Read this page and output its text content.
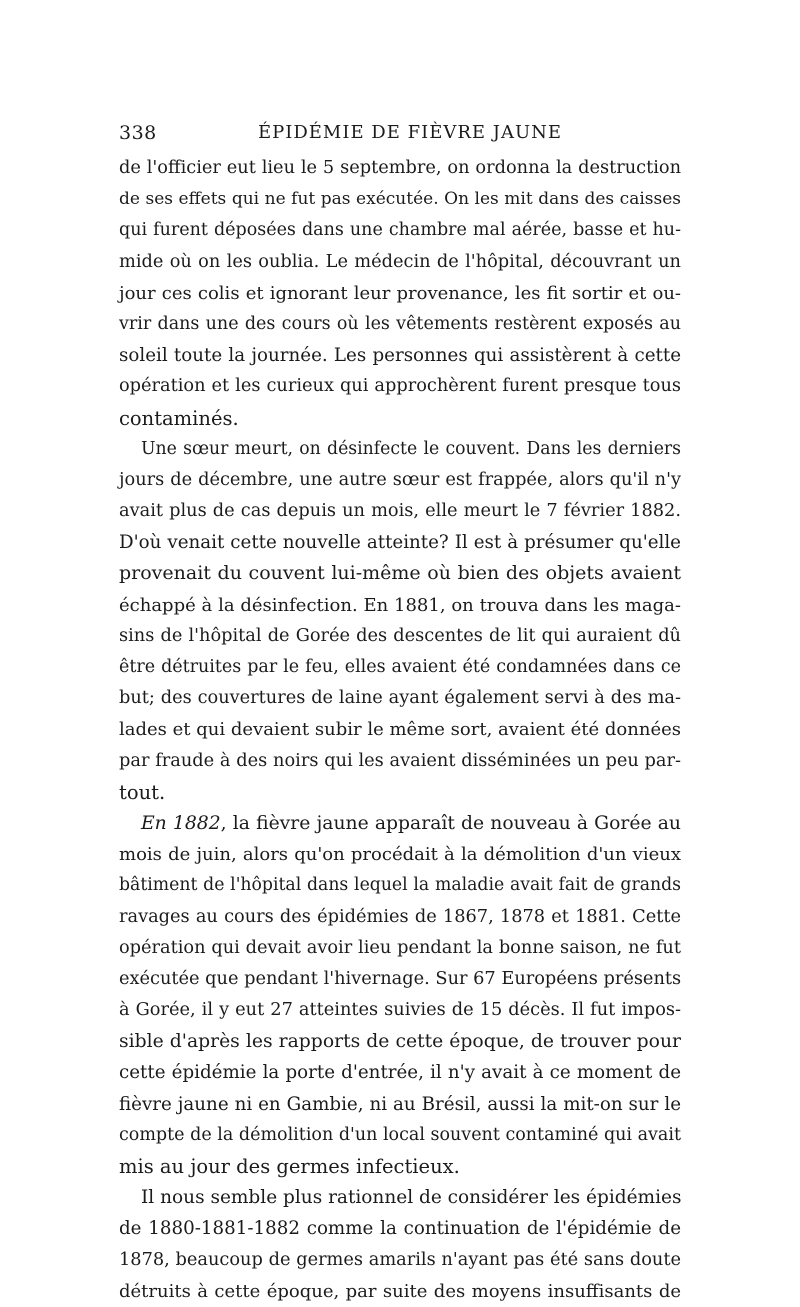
338	ÉPIDÉMIE DE FIÈVRE JAUNE
de l'officier eut lieu le 5 septembre, on ordonna la destruction
de ses effets qui ne fut pas exécutée. On les mit dans des caisses
qui furent déposées dans une chambre mal aérée, basse et hu-
mide où on les oublia. Le médecin de l'hôpital, découvrant un
jour ces colis et ignorant leur provenance, les fit sortir et ou-
vrir dans une des cours où les vêtements restèrent exposés au
soleil toute la journée. Les personnes qui assistèrent à cette
opération et les curieux qui approchèrent furent presque tous
contaminés.
Une sœur meurt, on désinfecte le couvent. Dans les derniers
jours de décembre, une autre sœur est frappée, alors qu'il n'y
avait plus de cas depuis un mois, elle meurt le 7 février 1882.
D'où venait cette nouvelle atteinte? Il est à présumer qu'elle
provenait du couvent lui-même où bien des objets avaient
échappé à la désinfection. En 1881, on trouva dans les maga-
sins de l'hôpital de Gorée des descentes de lit qui auraient dû
être détruites par le feu, elles avaient été condamnées dans ce
but; des couvertures de laine ayant également servi à des ma-
lades et qui devaient subir le même sort, avaient été données
par fraude à des noirs qui les avaient disséminées un peu par-
tout.
En 1882, la fièvre jaune apparaît de nouveau à Gorée au
mois de juin, alors qu'on procédait à la démolition d'un vieux
bâtiment de l'hôpital dans lequel la maladie avait fait de grands
ravages au cours des épidémies de 1867, 1878 et 1881. Cette
opération qui devait avoir lieu pendant la bonne saison, ne fut
exécutée que pendant l'hivernage. Sur 67 Européens présents
à Gorée, il y eut 27 atteintes suivies de 15 décès. Il fut impos-
sible d'après les rapports de cette époque, de trouver pour
cette épidémie la porte d'entrée, il n'y avait à ce moment de
fièvre jaune ni en Gambie, ni au Brésil, aussi la mit-on sur le
compte de la démolition d'un local souvent contaminé qui avait
mis au jour des germes infectieux.
Il nous semble plus rationnel de considérer les épidémies
de 1880-1881-1882 comme la continuation de l'épidémie de
1878, beaucoup de germes amarils n'ayant pas été sans doute
détruits à cette époque, par suite des moyens insuffisants de
